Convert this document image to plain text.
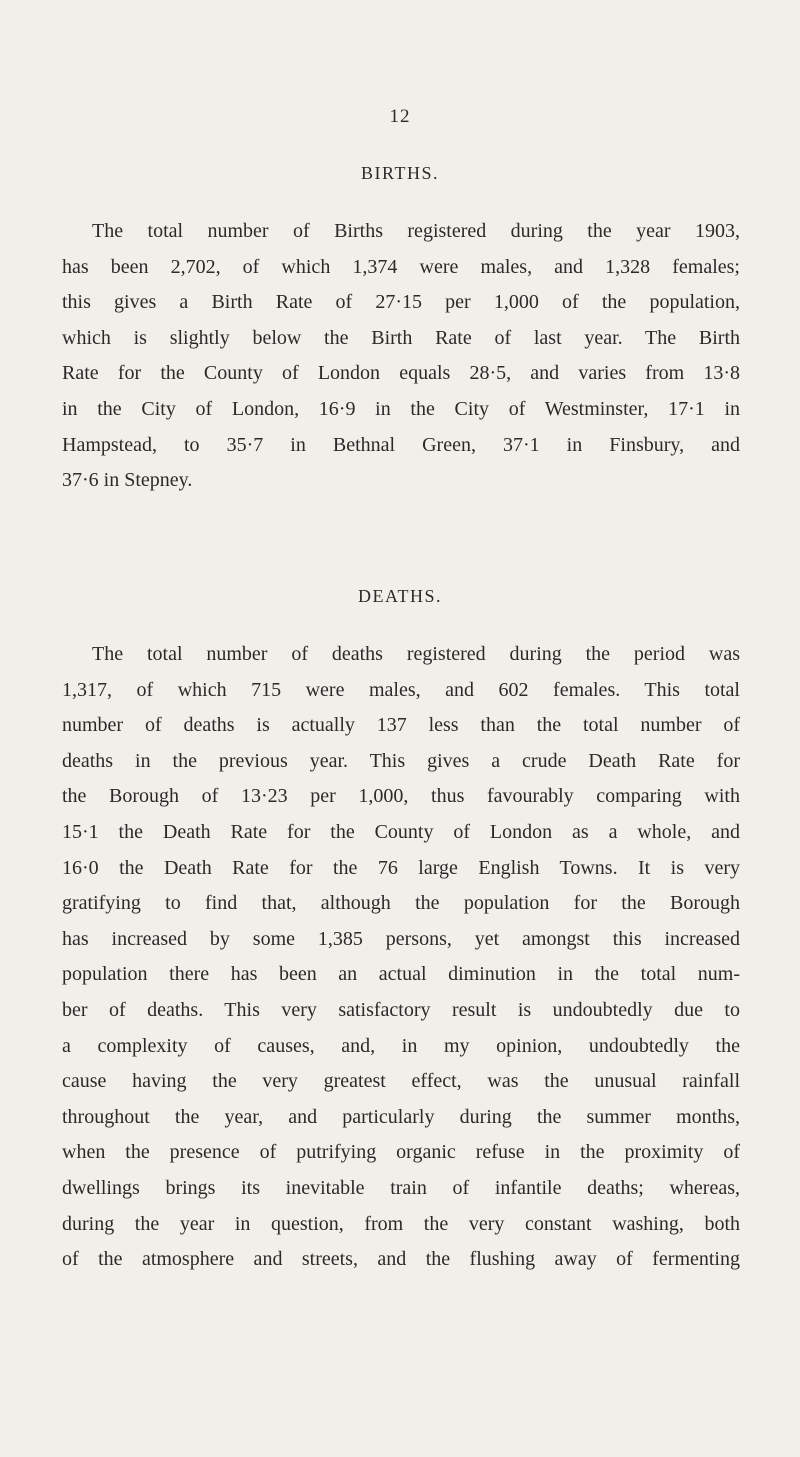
12
BIRTHS.
The total number of Births registered during the year 1903,
has been 2,702, of which 1,374 were males, and 1,328 females;
this gives a Birth Rate of 27·15 per 1,000 of the population,
which is slightly below the Birth Rate of last year. The Birth
Rate for the County of London equals 28·5, and varies from 13·8
in the City of London, 16·9 in the City of Westminster, 17·1 in
Hampstead, to 35·7 in Bethnal Green, 37·1 in Finsbury, and
37·6 in Stepney.
DEATHS.
The total number of deaths registered during the period was
1,317, of which 715 were males, and 602 females. This total
number of deaths is actually 137 less than the total number of
deaths in the previous year. This gives a crude Death Rate for
the Borough of 13·23 per 1,000, thus favourably comparing with
15·1 the Death Rate for the County of London as a whole, and
16·0 the Death Rate for the 76 large English Towns. It is very
gratifying to find that, although the population for the Borough
has increased by some 1,385 persons, yet amongst this increased
population there has been an actual diminution in the total num-
ber of deaths. This very satisfactory result is undoubtedly due to
a complexity of causes, and, in my opinion, undoubtedly the
cause having the very greatest effect, was the unusual rainfall
throughout the year, and particularly during the summer months,
when the presence of putrifying organic refuse in the proximity of
dwellings brings its inevitable train of infantile deaths; whereas,
during the year in question, from the very constant washing, both
of the atmosphere and streets, and the flushing away of fermenting
